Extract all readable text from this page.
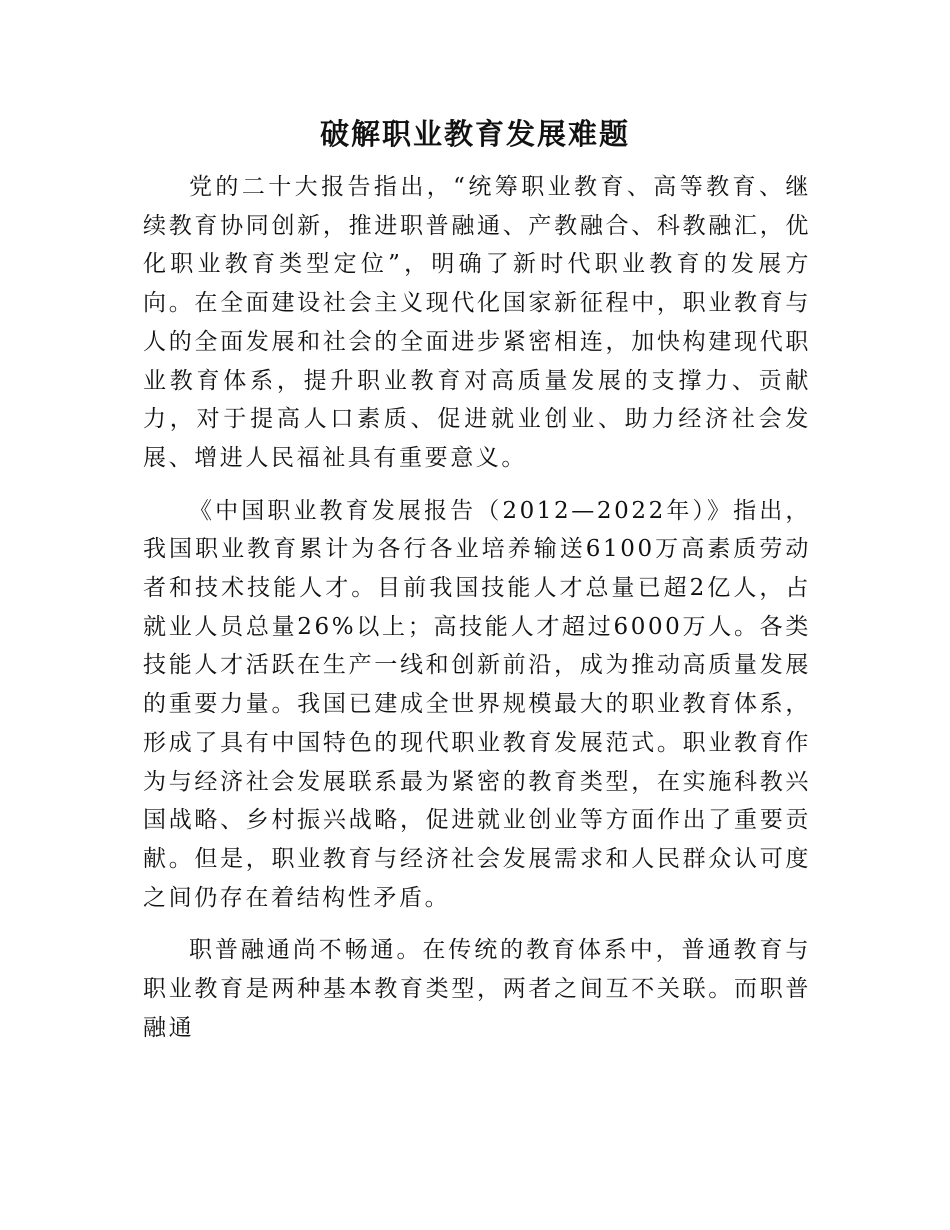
破解职业教育发展难题

党的二十大报告指出，“统筹职业教育、高等教育、继续教育协同创新，推进职普融通、产教融合、科教融汇，优化职业教育类型定位”，明确了新时代职业教育的发展方向。在全面建设社会主义现代化国家新征程中，职业教育与人的全面发展和社会的全面进步紧密相连，加快构建现代职业教育体系，提升职业教育对高质量发展的支撑力、贡献力，对于提高人口素质、促进就业创业、助力经济社会发展、增进人民福祉具有重要意义。

《中国职业教育发展报告（2012—2022年）》指出，我国职业教育累计为各行各业培养输送6100万高素质劳动者和技术技能人才。目前我国技能人才总量已超2亿人，占就业人员总量26%以上；高技能人才超过6000万人。各类技能人才活跃在生产一线和创新前沿，成为推动高质量发展的重要力量。我国已建成全世界规模最大的职业教育体系，形成了具有中国特色的现代职业教育发展范式。职业教育作为与经济社会发展联系最为紧密的教育类型，在实施科教兴国战略、乡村振兴战略，促进就业创业等方面作出了重要贡献。但是，职业教育与经济社会发展需求和人民群众认可度之间仍存在着结构性矛盾。

职普融通尚不畅通。在传统的教育体系中，普通教育与职业教育是两种基本教育类型，两者之间互不关联。而职普融通
